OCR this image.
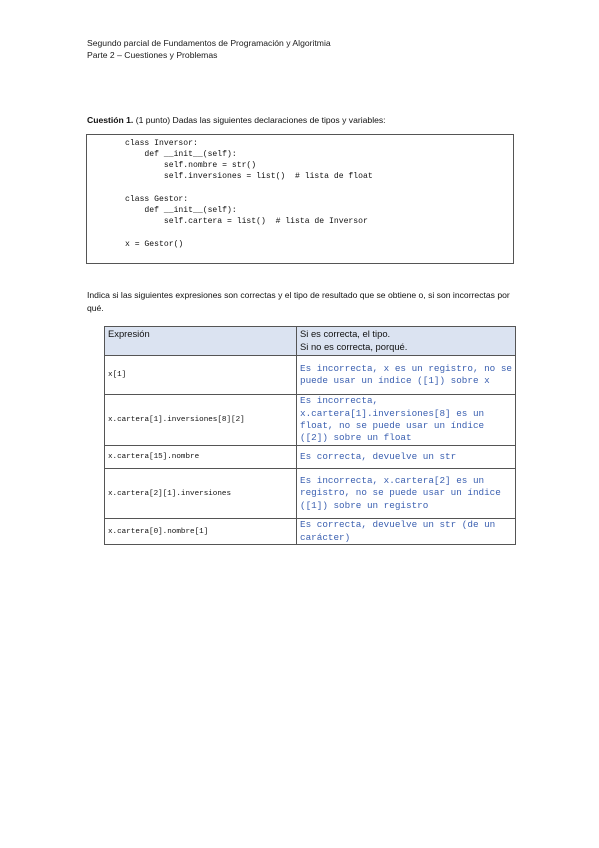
Segundo parcial de Fundamentos de Programación y Algoritmia
Parte 2 – Cuestiones y Problemas
Cuestión 1. (1 punto) Dadas las siguientes declaraciones de tipos y variables:
class Inversor:
def __init__(self):
self.nombre = str()
self.inversiones = list()  # lista de float
class Gestor:
def __init__(self):
self.cartera = list()  # lista de Inversor
x = Gestor()
Indica si las siguientes expresiones son correctas y el tipo de resultado que se obtiene o, si son incorrectas por qué.
Expresión	Si es correcta, el tipo.
Si no es correcta, porqué.

x[1]	Es incorrecta, x es un registro, no se puede usar un índice ([1]) sobre x
x.cartera[1].inversiones[8][2]	Es incorrecta, x.cartera[1].inversiones[8] es un float, no se puede usar un índice ([2]) sobre un float
x.cartera[15].nombre	Es correcta, devuelve un str
x.cartera[2][1].inversiones	Es incorrecta, x.cartera[2] es un registro, no se puede usar un índice ([1]) sobre un registro
x.cartera[0].nombre[1]	Es correcta, devuelve un str (de un carácter)
